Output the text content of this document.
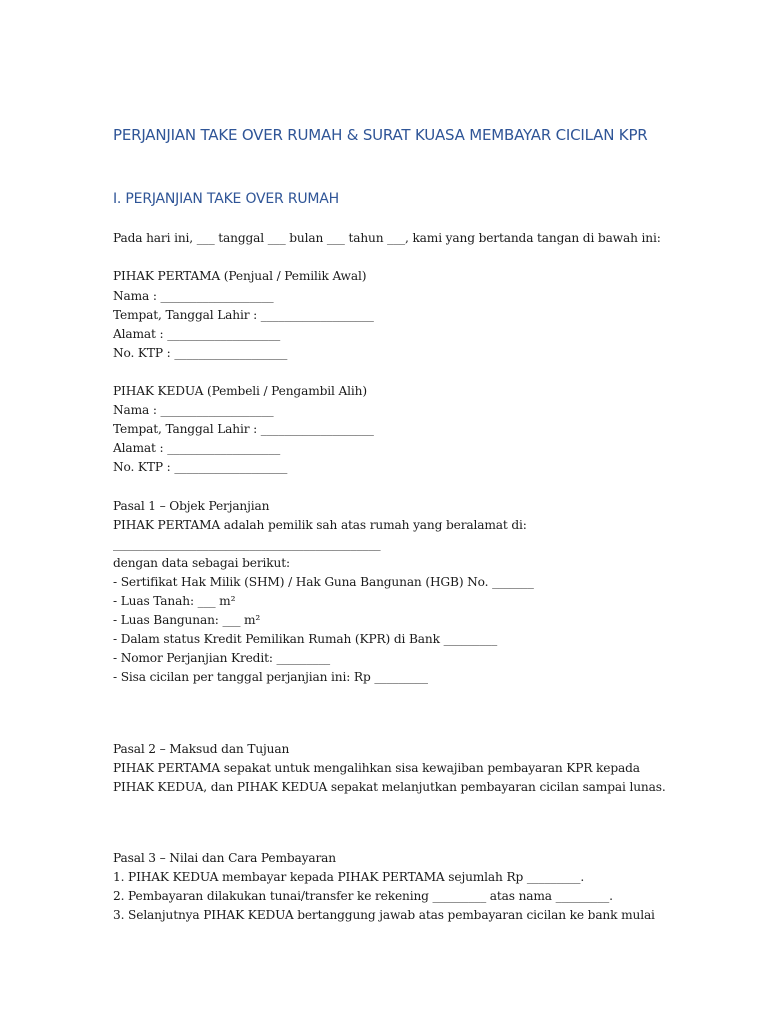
PERJANJIAN TAKE OVER RUMAH & SURAT KUASA MEMBAYAR CICILAN KPR
I. PERJANJIAN TAKE OVER RUMAH
Pada hari ini, ___ tanggal ___ bulan ___ tahun ___, kami yang bertanda tangan di bawah ini:
PIHAK PERTAMA (Penjual / Pemilik Awal)
Nama : ___________________
Tempat, Tanggal Lahir : ___________________
Alamat : ___________________
No. KTP : ___________________
PIHAK KEDUA (Pembeli / Pengambil Alih)
Nama : ___________________
Tempat, Tanggal Lahir : ___________________
Alamat : ___________________
No. KTP : ___________________
Pasal 1 – Objek Perjanjian
PIHAK PERTAMA adalah pemilik sah atas rumah yang beralamat di:
_____________________________________________
dengan data sebagai berikut:
- Sertifikat Hak Milik (SHM) / Hak Guna Bangunan (HGB) No. _______
- Luas Tanah: ___ m²
- Luas Bangunan: ___ m²
- Dalam status Kredit Pemilikan Rumah (KPR) di Bank _________
- Nomor Perjanjian Kredit: _________
- Sisa cicilan per tanggal perjanjian ini: Rp _________
Pasal 2 – Maksud dan Tujuan
PIHAK PERTAMA sepakat untuk mengalihkan sisa kewajiban pembayaran KPR kepada
PIHAK KEDUA, dan PIHAK KEDUA sepakat melanjutkan pembayaran cicilan sampai lunas.
Pasal 3 – Nilai dan Cara Pembayaran
1. PIHAK KEDUA membayar kepada PIHAK PERTAMA sejumlah Rp _________.
2. Pembayaran dilakukan tunai/transfer ke rekening _________ atas nama _________.
3. Selanjutnya PIHAK KEDUA bertanggung jawab atas pembayaran cicilan ke bank mulai
